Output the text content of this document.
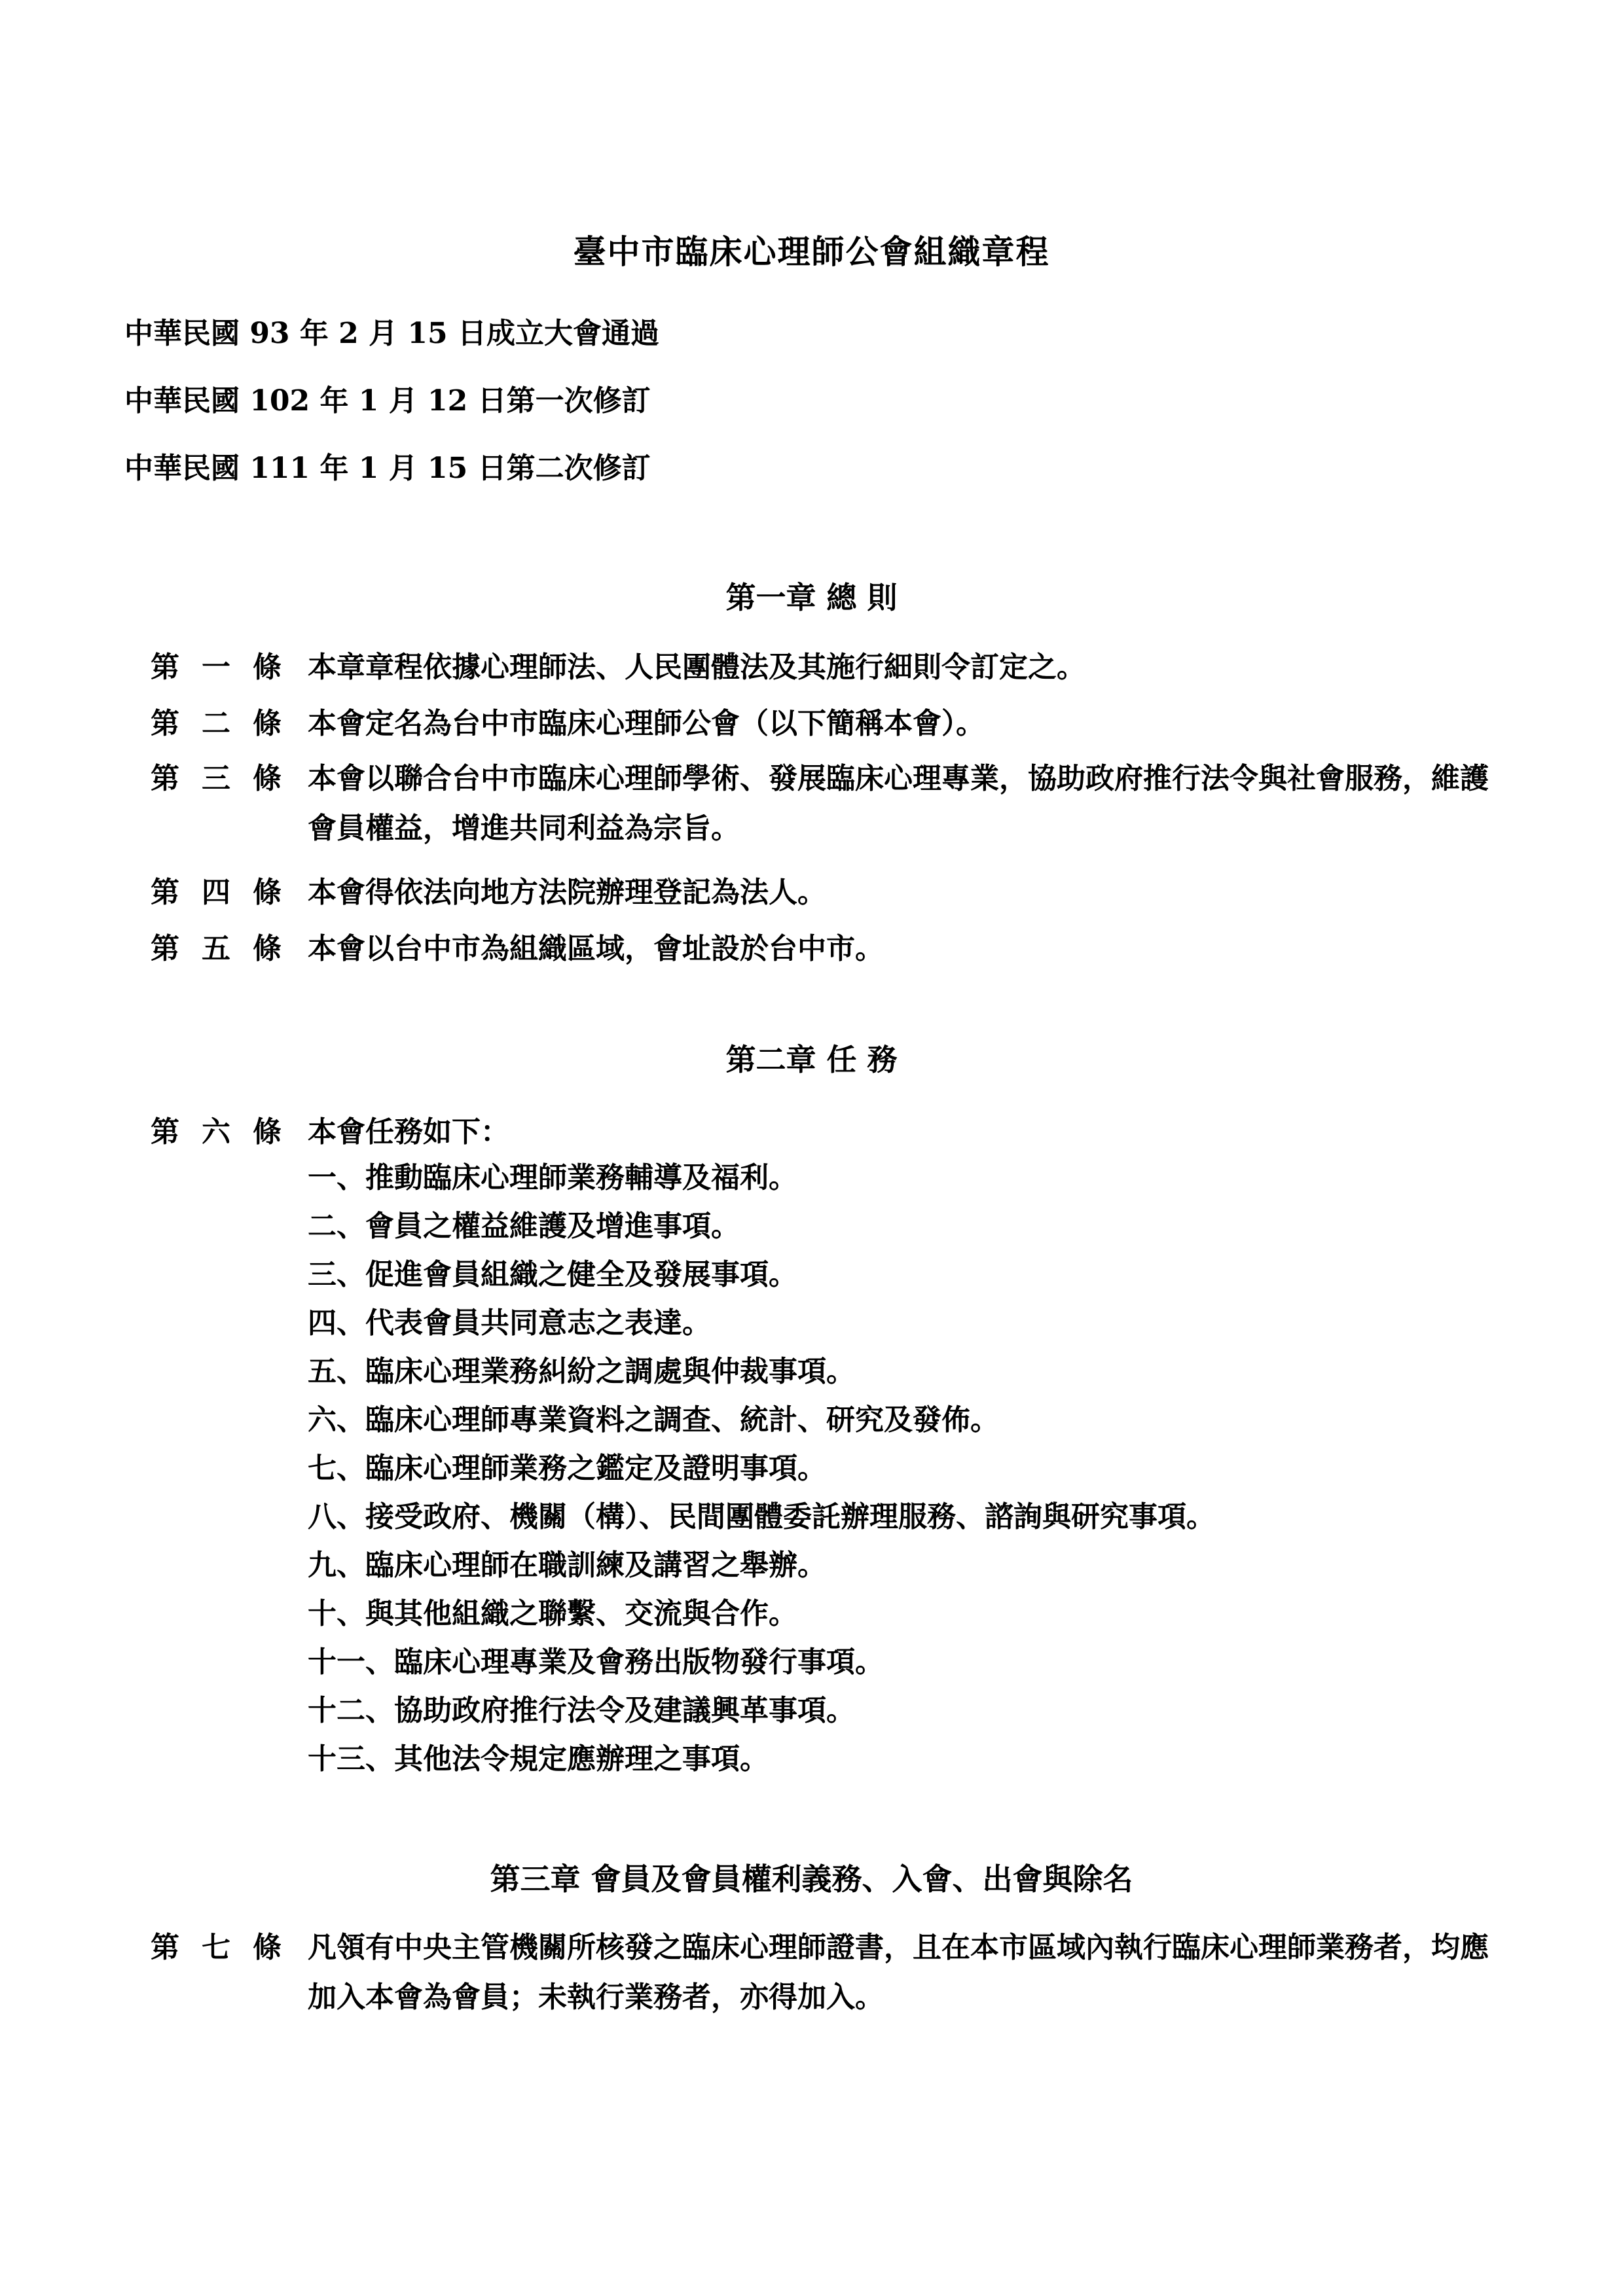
臺中市臨床心理師公會組織章程
中華民國 93 年 2 月 15 日成立大會通過
中華民國 102 年 1 月 12 日第一次修訂
中華民國 111 年 1 月 15 日第二次修訂
第一章 總 則
第 一 條 本章章程依據心理師法、人民團體法及其施行細則令訂定之。
第 二 條 本會定名為台中市臨床心理師公會（以下簡稱本會）。
第 三 條 本會以聯合台中市臨床心理師學術、發展臨床心理專業，協助政府推行法令與社會服務，維護會員權益，增進共同利益為宗旨。
第 四 條 本會得依法向地方法院辦理登記為法人。
第 五 條 本會以台中市為組織區域，會址設於台中市。
第二章 任 務
第 六 條 本會任務如下：
一、推動臨床心理師業務輔導及福利。
二、會員之權益維護及增進事項。
三、促進會員組織之健全及發展事項。
四、代表會員共同意志之表達。
五、臨床心理業務糾紛之調處與仲裁事項。
六、臨床心理師專業資料之調查、統計、研究及發佈。
七、臨床心理師業務之鑑定及證明事項。
八、接受政府、機關（構）、民間團體委託辦理服務、諮詢與研究事項。
九、臨床心理師在職訓練及講習之舉辦。
十、與其他組織之聯繫、交流與合作。
十一、臨床心理專業及會務出版物發行事項。
十二、協助政府推行法令及建議興革事項。
十三、其他法令規定應辦理之事項。
第三章 會員及會員權利義務、入會、出會與除名
第 七 條 凡領有中央主管機關所核發之臨床心理師證書，且在本市區域內執行臨床心理師業務者，均應加入本會為會員；未執行業務者，亦得加入。
